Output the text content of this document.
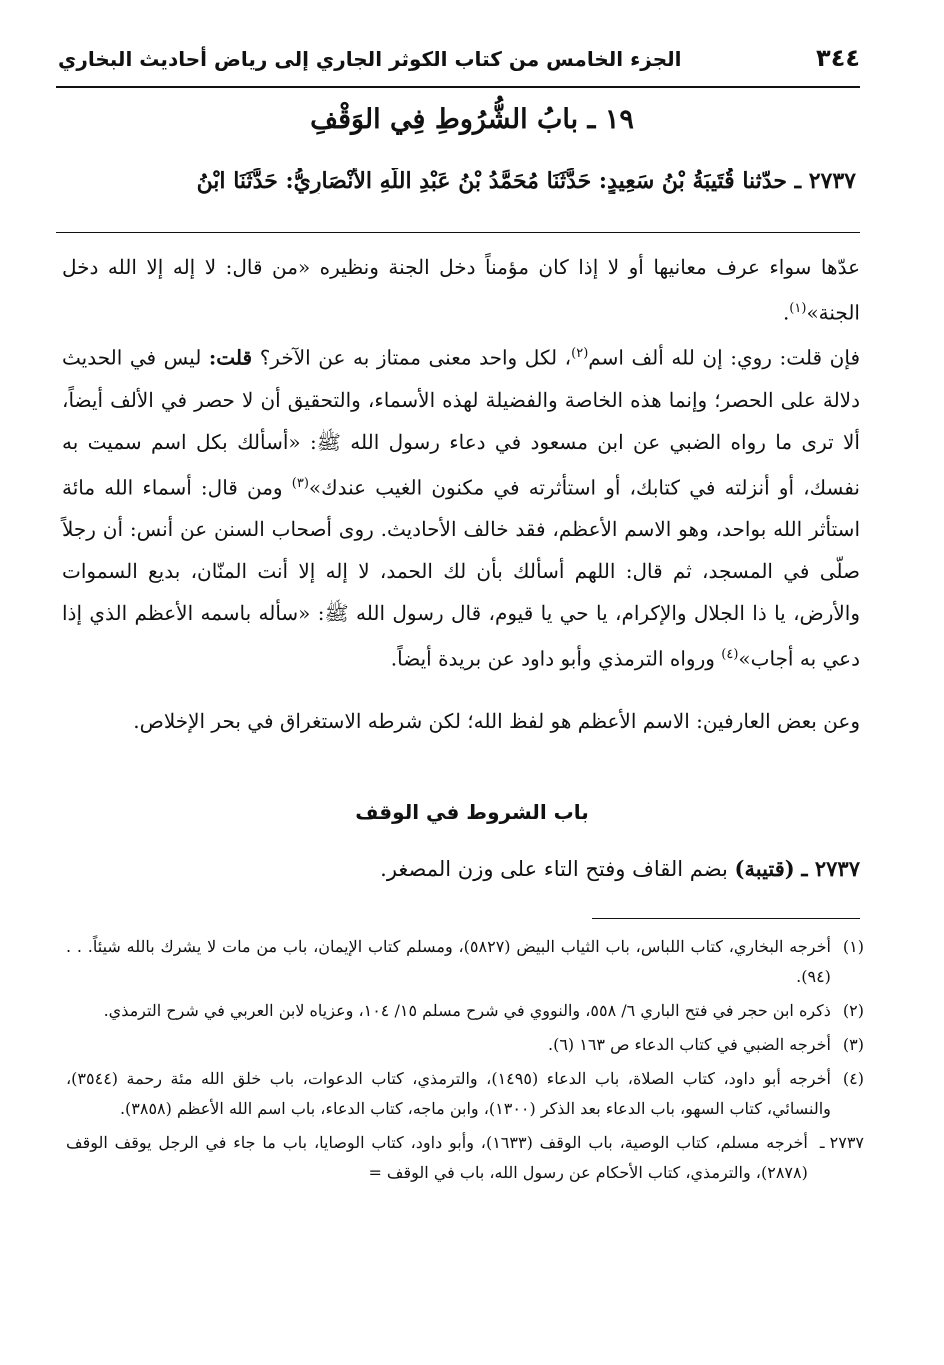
٣٤٤
الجزء الخامس من كتاب الكوثر الجاري إلى رياض أحاديث البخاري
١٩ ـ بابُ الشُّرُوطِ فِي الوَقْفِ
٢٧٣٧ ـ حدّثنا قُتَيبَةُ بْنُ سَعِيدٍ: حَدَّثَنَا مُحَمَّدُ بْنُ عَبْدِ اللَّهِ الأَنْصَارِيُّ: حَدَّثَنَا ابْنُ

عدّها سواء عرف معانيها أو لا إذا كان مؤمناً دخل الجنة ونظيره «من قال: لا إله إلا الله دخل الجنة»$^{(١)}$.

فإن قلت: روي: إن لله ألف اسم$^{(٢)}$، لكل واحد معنى ممتاز به عن الآخر؟ قلت: ليس في الحديث دلالة على الحصر؛ وإنما هذه الخاصة والفضيلة لهذه الأسماء، والتحقيق أن لا حصر في الألف أيضاً، ألا ترى ما رواه الضبي عن ابن مسعود في دعاء رسول الله ﷺ: «أسألك بكل اسم سميت به نفسك، أو أنزلته في كتابك، أو استأثرته في مكنون الغيب عندك»$^{(٣)}$ ومن قال: أسماء الله مائة استأثر الله بواحد، وهو الاسم الأعظم، فقد خالف الأحاديث. روى أصحاب السنن عن أنس: أن رجلاً صلّى في المسجد، ثم قال: اللهم أسألك بأن لك الحمد، لا إله إلا أنت المنّان، بديع السموات والأرض، يا ذا الجلال والإكرام، يا حي يا قيوم، قال رسول الله ﷺ: «سأله باسمه الأعظم الذي إذا دعي به أجاب»$^{(٤)}$ ورواه الترمذي وأبو داود عن بريدة أيضاً.

وعن بعض العارفين: الاسم الأعظم هو لفظ الله؛ لكن شرطه الاستغراق في بحر الإخلاص.

باب الشروط في الوقف

٢٧٣٧ ـ (قتيبة) بضم القاف وفتح التاء على وزن المصغر.

(١)
أخرجه البخاري، كتاب اللباس، باب الثياب البيض (٥٨٢٧)، ومسلم كتاب الإيمان، باب من مات لا يشرك بالله شيئاً. . . (٩٤).
(٢)
ذكره ابن حجر في فتح الباري ٦/ ٥٥٨، والنووي في شرح مسلم ١٥/ ١٠٤، وعزياه لابن العربي في شرح الترمذي.
(٣)
أخرجه الضبي في كتاب الدعاء ص ١٦٣ (٦).
(٤)
أخرجه أبو داود، كتاب الصلاة، باب الدعاء (١٤٩٥)، والترمذي، كتاب الدعوات، باب خلق الله مئة رحمة (٣٥٤٤)، والنسائي، كتاب السهو، باب الدعاء بعد الذكر (١٣٠٠)، وابن ماجه، كتاب الدعاء، باب اسم الله الأعظم (٣٨٥٨).
٢٧٣٧ ـ
أخرجه مسلم، كتاب الوصية، باب الوقف (١٦٣٣)، وأبو داود، كتاب الوصايا، باب ما جاء في الرجل يوقف الوقف (٢٨٧٨)، والترمذي، كتاب الأحكام عن رسول الله، باب في الوقف =
